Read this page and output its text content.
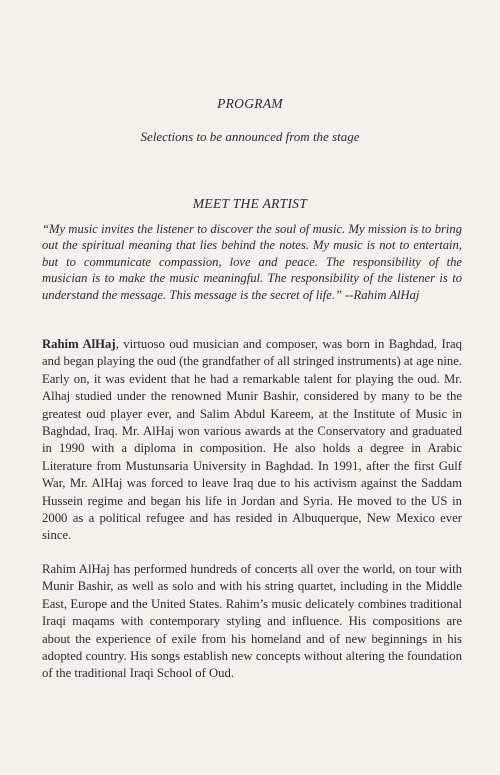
PROGRAM
Selections to be announced from the stage
MEET THE ARTIST
“My music invites the listener to discover the soul of music. My mission is to bring out the spiritual meaning that lies behind the notes. My music is not to entertain, but to communicate compassion, love and peace. The responsibility of the musician is to make the music meaningful. The responsibility of the listener is to understand the message. This message is the secret of life.” --Rahim AlHaj
Rahim AlHaj, virtuoso oud musician and composer, was born in Baghdad, Iraq and began playing the oud (the grandfather of all stringed instruments) at age nine. Early on, it was evident that he had a remarkable talent for playing the oud. Mr. Alhaj studied under the renowned Munir Bashir, considered by many to be the greatest oud player ever, and Salim Abdul Kareem, at the Institute of Music in Baghdad, Iraq. Mr. AlHaj won various awards at the Conservatory and graduated in 1990 with a diploma in composition. He also holds a degree in Arabic Literature from Mustunsaria University in Baghdad. In 1991, after the first Gulf War, Mr. AlHaj was forced to leave Iraq due to his activism against the Saddam Hussein regime and began his life in Jordan and Syria. He moved to the US in 2000 as a political refugee and has resided in Albuquerque, New Mexico ever since.
Rahim AlHaj has performed hundreds of concerts all over the world, on tour with Munir Bashir, as well as solo and with his string quartet, including in the Middle East, Europe and the United States. Rahim’s music delicately combines traditional Iraqi maqams with contemporary styling and influence. His compositions are about the experience of exile from his homeland and of new beginnings in his adopted country. His songs establish new concepts without altering the foundation of the traditional Iraqi School of Oud.
